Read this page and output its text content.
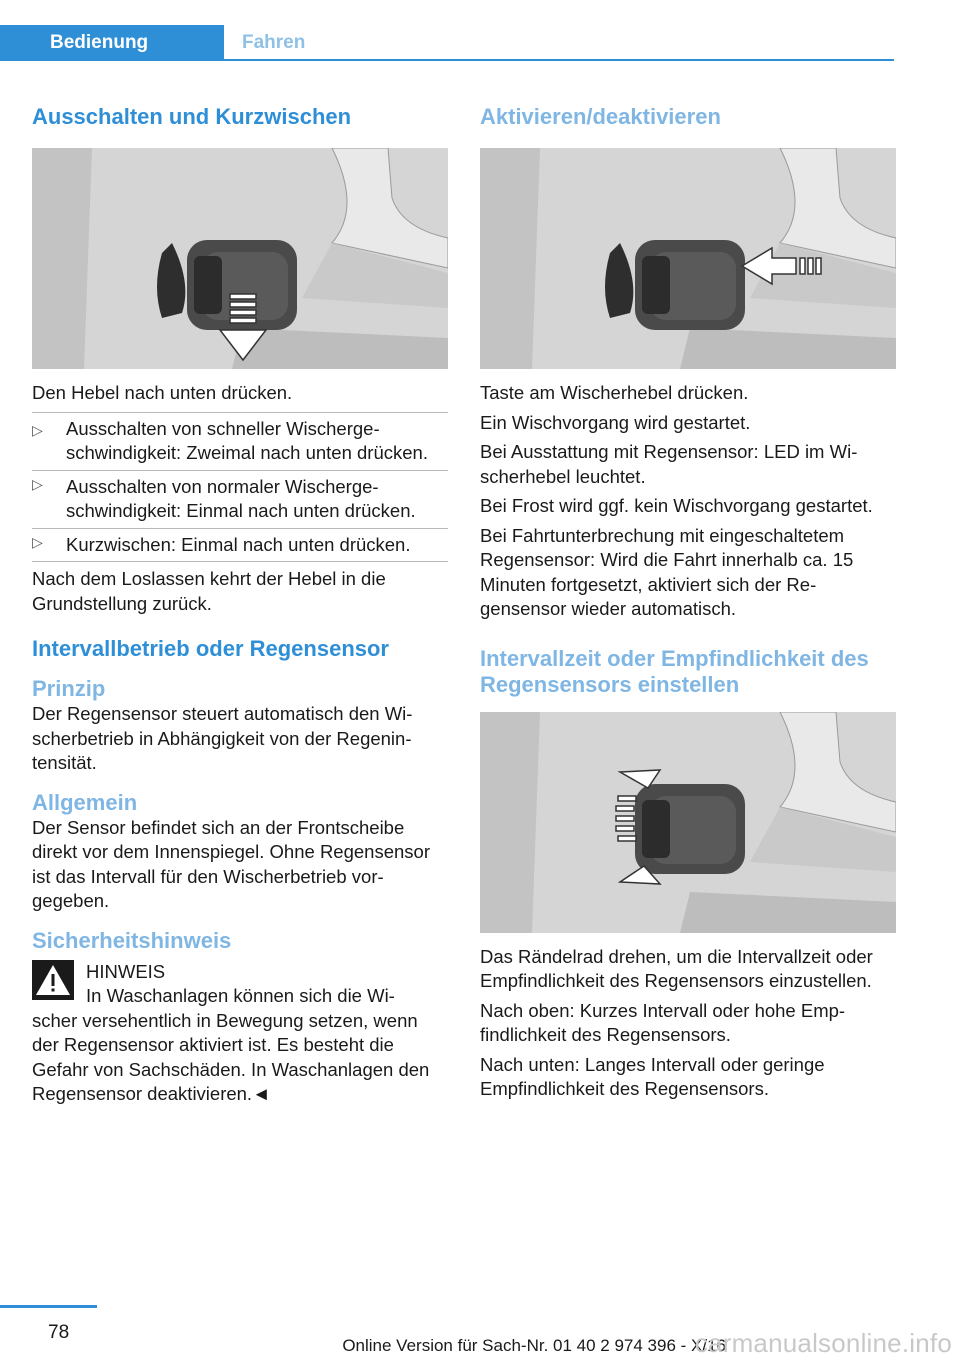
Bedienung	Fahren
Ausschalten und Kurzwischen

Den Hebel nach unten drücken.

▷ Ausschalten von schneller Wischergeschwindigkeit: Zweimal nach unten drücken.
▷ Ausschalten von normaler Wischergeschwindigkeit: Einmal nach unten drücken.
▷ Kurzwischen: Einmal nach unten drücken.

Nach dem Loslassen kehrt der Hebel in die Grundstellung zurück.

Intervallbetrieb oder Regensensor
Prinzip

Der Regensensor steuert automatisch den Wischerbetrieb in Abhängigkeit von der Regenintensität.

Allgemein

Der Sensor befindet sich an der Frontscheibe direkt vor dem Innenspiegel. Ohne Regensensor ist das Intervall für den Wischerbetrieb vorgegeben.

Sicherheitshinweis

HINWEIS

In Waschanlagen können sich die Wi-

scher versehentlich in Bewegung setzen, wenn der Regensensor aktiviert ist. Es besteht die Gefahr von Sachschäden. In Waschanlagen den Regensensor deaktivieren.◄

Aktivieren/deaktivieren

Taste am Wischerhebel drücken.

Ein Wischvorgang wird gestartet.

Bei Ausstattung mit Regensensor: LED im Wischerhebel leuchtet.

Bei Frost wird ggf. kein Wischvorgang gestartet.

Bei Fahrtunterbrechung mit eingeschaltetem Regensensor: Wird die Fahrt innerhalb ca. 15 Minuten fortgesetzt, aktiviert sich der Regensensor wieder automatisch.

Intervallzeit oder Empfindlichkeit des Regensensors einstellen

Das Rändelrad drehen, um die Intervallzeit oder Empfindlichkeit des Regensensors einzustellen.

Nach oben: Kurzes Intervall oder hohe Empfindlichkeit des Regensensors.

Nach unten: Langes Intervall oder geringe Empfindlichkeit des Regensensors.

78
Online Version für Sach-Nr. 01 40 2 974 396 - X/16
carmanualsonline.info
